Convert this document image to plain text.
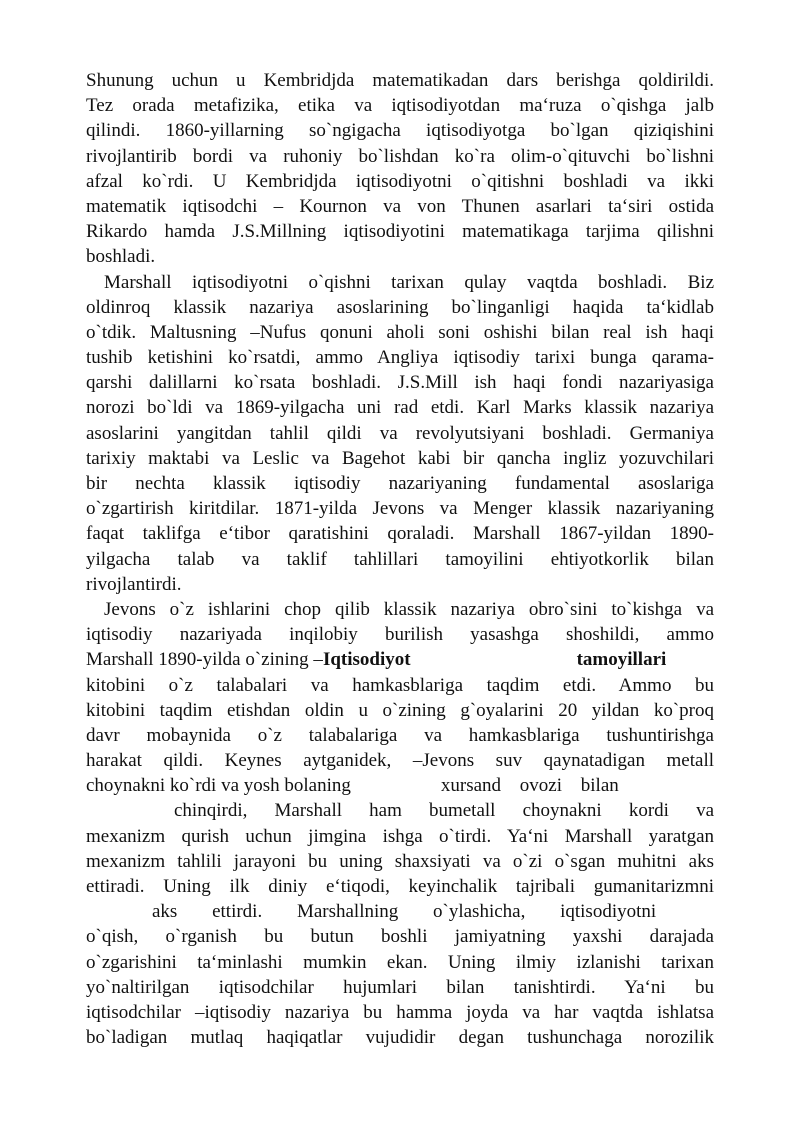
Shunung uchun u Kembridjda matematikadan dars berishga qoldirildi.
Tez orada metafizika, etika va iqtisodiyotdan ma‘ruza o`qishga jalb
qilindi. 1860-yillarning so`ngigacha iqtisodiyotga bo`lgan qiziqishini
rivojlantirib bordi va ruhoniy bo`lishdan ko`ra olim-o`qituvchi bo`lishni
afzal ko`rdi. U Kembridjda iqtisodiyotni o`qitishni boshladi va ikki
matematik iqtisodchi – Kournon va von Thunen asarlari ta‘siri ostida
Rikardo hamda J.S.Millning iqtisodiyotini matematikaga tarjima qilishni
boshladi.
Marshall iqtisodiyotni o`qishni tarixan qulay vaqtda boshladi. Biz
oldinroq klassik nazariya asoslarining bo`linganligi haqida ta‘kidlab
o`tdik. Maltusning –Nufus qonuni aholi soni oshishi bilan real ish haqi
tushib ketishini ko`rsatdi, ammo Angliya iqtisodiy tarixi bunga qarama-
qarshi dalillarni ko`rsata boshladi. J.S.Mill ish haqi fondi nazariyasiga
norozi bo`ldi va 1869-yilgacha uni rad etdi. Karl Marks klassik nazariya
asoslarini yangitdan tahlil qildi va revolyutsiyani boshladi. Germaniya
tarixiy maktabi va Leslic va Bagehot kabi bir qancha ingliz yozuvchilari
bir nechta klassik iqtisodiy nazariyaning fundamental asoslariga
o`zgartirish kiritdilar. 1871-yilda Jevons va Menger klassik nazariyaning
faqat taklifga e‘tibor qaratishini qoraladi. Marshall 1867-yildan 1890-
yilgacha talab va taklif tahlillari tamoyilini ehtiyotkorlik bilan
rivojlantirdi.
Jevons o`z ishlarini chop qilib klassik nazariya obro`sini to`kishga va
iqtisodiy nazariyada inqilobiy burilish yasashga shoshildi, ammo
Marshall 1890-yilda o`zining –Iqtisodiyot	tamoyillari
kitobini o`z talabalari va hamkasblariga taqdim etdi. Ammo bu
kitobini taqdim etishdan oldin u o`zining g`oyalarini 20 yildan ko`proq
davr mobaynida o`z talabalariga va hamkasblariga tushuntirishga
harakat qildi. Keynes aytganidek, –Jevons suv qaynatadigan metall
choynakni ko`rdi va yosh bolaning	xursand ovozi bilan
chinqirdi, Marshall ham bumetall choynakni kordi va
mexanizm qurish uchun jimgina ishga o`tirdi. Ya‘ni Marshall yaratgan
mexanizm tahlili jarayoni bu uning shaxsiyati va o`zi o`sgan muhitni aks
ettiradi. Uning ilk diniy e‘tiqodi, keyinchalik tajribali gumanitarizmni
aks ettirdi. Marshallning o`ylashicha, iqtisodiyotni
o`qish, o`rganish bu butun boshli jamiyatning yaxshi darajada
o`zgarishini ta‘minlashi mumkin ekan. Uning ilmiy izlanishi tarixan
yo`naltirilgan iqtisodchilar hujumlari bilan tanishtirdi. Ya‘ni bu
iqtisodchilar –iqtisodiy nazariya bu hamma joyda va har vaqtda ishlatsa
bo`ladigan mutlaq haqiqatlar vujudidir degan tushunchaga norozilik
